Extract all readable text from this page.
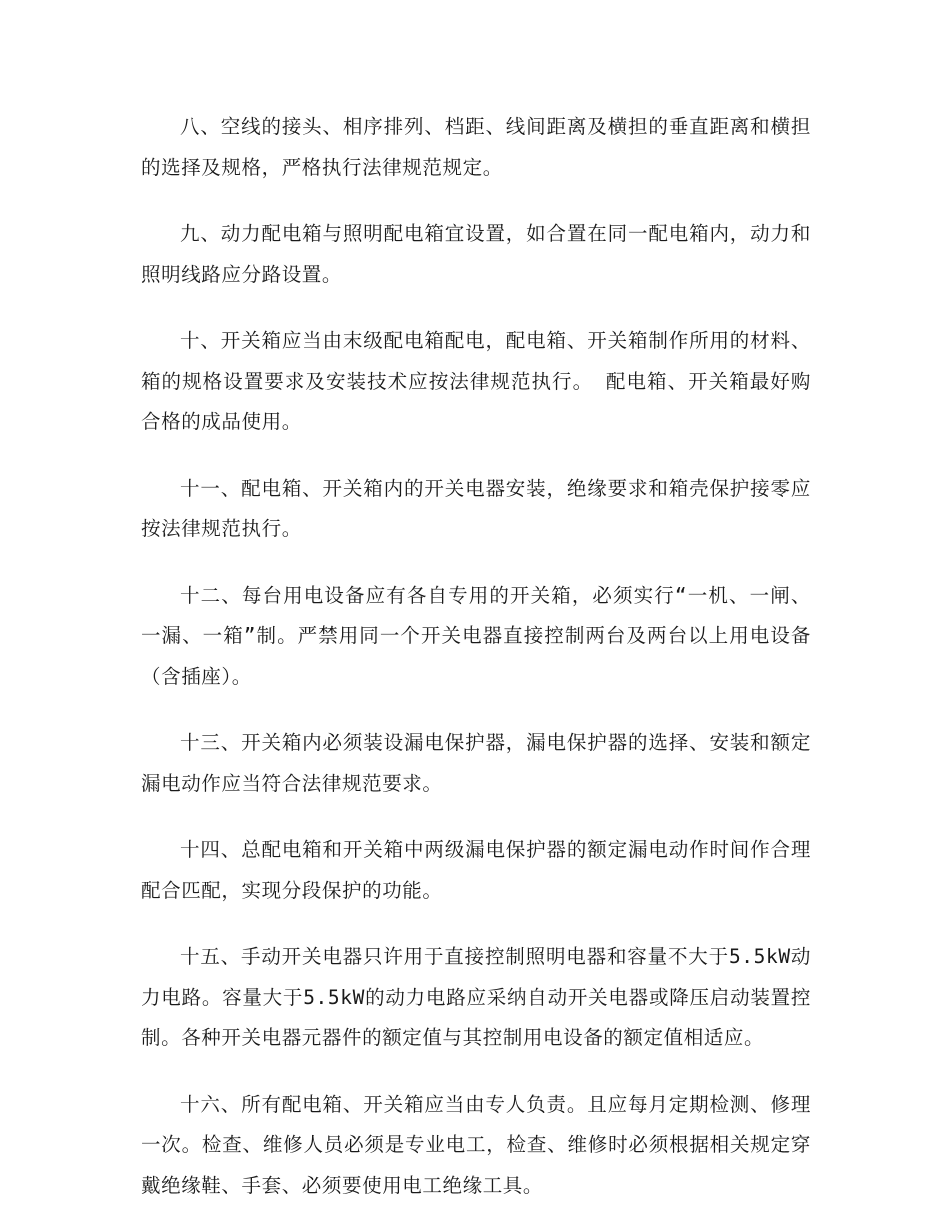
八、空线的接头、相序排列、档距、线间距离及横担的垂直距离和横担的选择及规格，严格执行法律规范规定。

九、动力配电箱与照明配电箱宜设置，如合置在同一配电箱内，动力和照明线路应分路设置。

十、开关箱应当由末级配电箱配电，配电箱、开关箱制作所用的材料、箱的规格设置要求及安装技术应按法律规范执行。 配电箱、开关箱最好购合格的成品使用。

十一、配电箱、开关箱内的开关电器安装，绝缘要求和箱壳保护接零应按法律规范执行。

十二、每台用电设备应有各自专用的开关箱，必须实行“一机、一闸、一漏、一箱”制。严禁用同一个开关电器直接控制两台及两台以上用电设备（含插座）。

十三、开关箱内必须装设漏电保护器，漏电保护器的选择、安装和额定漏电动作应当符合法律规范要求。

十四、总配电箱和开关箱中两级漏电保护器的额定漏电动作时间作合理配合匹配，实现分段保护的功能。

十五、手动开关电器只许用于直接控制照明电器和容量不大于5.5kW动力电路。容量大于5.5kW的动力电路应采纳自动开关电器或降压启动装置控制。各种开关电器元器件的额定值与其控制用电设备的额定值相适应。

十六、所有配电箱、开关箱应当由专人负责。且应每月定期检测、修理一次。检查、维修人员必须是专业电工，检查、维修时必须根据相关规定穿戴绝缘鞋、手套、必须要使用电工绝缘工具。
